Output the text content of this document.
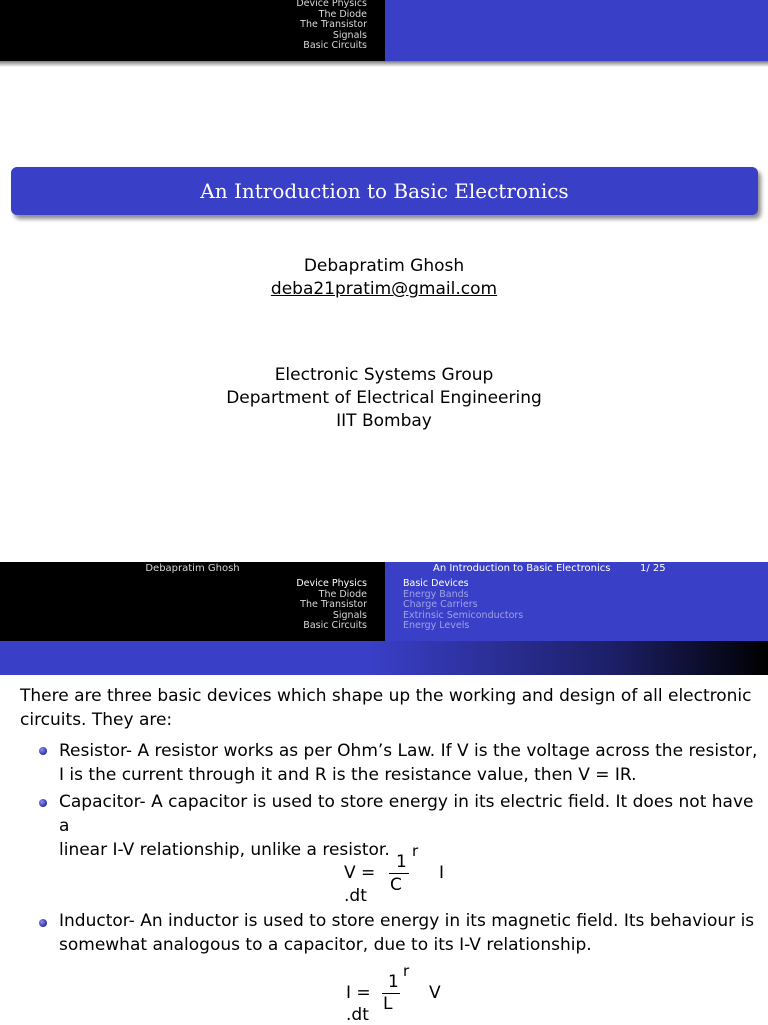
Device Physics
The Diode
The Transistor
Signals
Basic Circuits
An Introduction to Basic Electronics
Debapratim Ghosh
deba21pratim@gmail.com
Electronic Systems Group
Department of Electrical Engineering
IIT Bombay
Debapratim Ghosh	An Introduction to Basic Electronics	1/ 25
Device Physics
The Diode
The Transistor
Signals
Basic Circuits
Basic Devices
Energy Bands
Charge Carriers
Extrinsic Semiconductors
Energy Levels
There are three basic devices which shape up the working and design of all electronic
circuits. They are:
Resistor- A resistor works as per Ohm’s Law. If V is the voltage across the resistor,
I is the current through it and R is the resistance value, then V = IR.
Capacitor- A capacitor is used to store energy in its electric field. It does not have a
linear I-V relationship, unlike a resistor.
V =
1
C
r
I
.dt
Inductor- An inductor is used to store energy in its magnetic field. Its behaviour is
somewhat analogous to a capacitor, due to its I-V relationship.
I =
1
L
r
V
.dt
